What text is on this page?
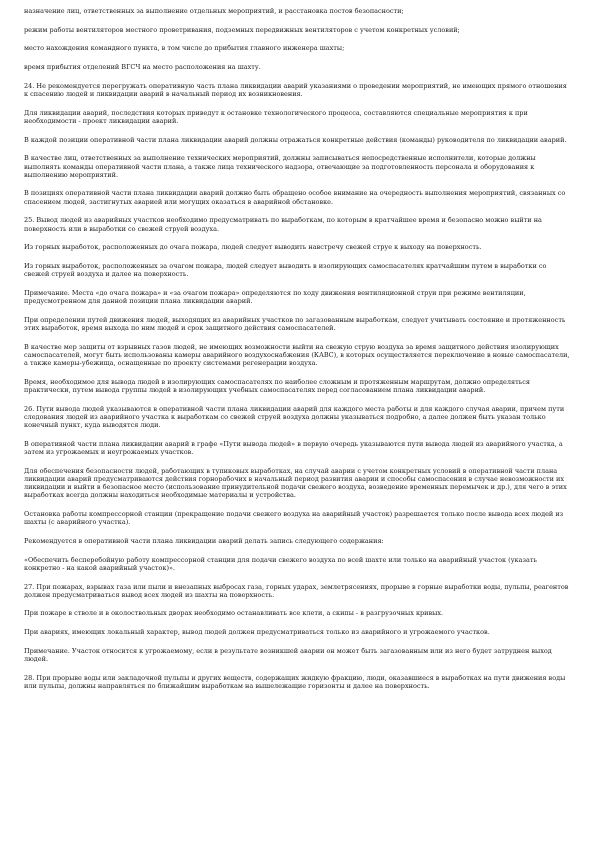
назначение лиц, ответственных за выполнение отдельных мероприятий, и расстановка постов безопасности;

режим работы вентиляторов местного проветривания, подземных передвижных вентиляторов с учетом конкретных условий;

место нахождения командного пункта, в том числе до прибытия главного инженера шахты;

время прибытия отделений ВГСЧ на место расположения на шахту.

24. Не рекомендуется перегружать оперативную часть плана ликвидации аварий указаниями о проведении мероприятий, не имеющих прямого отношения к спасению людей и ликвидации аварий в начальный период их возникновения.

Для ликвидации аварий, последствия которых приведут к остановке технологического процесса, составляются специальные мероприятия к при необходимости - проект ликвидации аварий.

В каждой позиции оперативной части плана ликвидации аварий должны отражаться конкретные действия (команды) руководителя по ликвидации аварий.

В качестве лиц, ответственных за выполнение технических мероприятий, должны записываться непосредственные исполнители, которые должны выполнять команды оперативной части плана, а также лица технического надзора, отвечающие за подготовленность персонала и оборудования к выполнению мероприятий.

В позициях оперативной части плана ликвидации аварий должно быть обращено особое внимание на очередность выполнения мероприятий, связанных со спасением людей, застигнутых аварией или могущих оказаться в аварийной обстановке.

25. Вывод людей из аварийных участков необходимо предусматривать по выработкам, по которым в кратчайшее время и безопасно можно выйти на поверхность или в выработки со свежей струей воздуха.

Из горных выработок, расположенных до очага пожара, людей следует выводить навстречу свежей струе к выходу на поверхность.

Из горных выработок, расположенных за очагом пожара, людей следует выводить в изолирующих самоспасателях кратчайшим путем в выработки со свежей струей воздуха и далее на поверхность.

Примечание. Места «до очага пожара» и «за очагом пожара» определяются по ходу движения вентиляционной струи при режиме вентиляции, предусмотренном для данной позиции плана ликвидации аварий.

При определении путей движения людей, выходящих из аварийных участков по загазованным выработкам, следует учитывать состояние и протяженность этих выработок, время выхода по ним людей и срок защитного действия самоспасателей.

В качестве мер защиты от взрывных газов людей, не имеющих возможности выйти на свежую струю воздуха за время защитного действия изолирующих самоспасателей, могут быть использованы камеры аварийного воздухоснабжения (КАВС), в которых осуществляется переключение в новые самоспасатели, а также камеры-убежища, оснащенные по проекту системами регенерации воздуха.

Время, необходимое для вывода людей в изолирующих самоспасателях по наиболее сложным и протяженным маршрутам, должно определяться практически, путем вывода группы людей в изолирующих учебных самоспасателях перед согласованием плана ликвидации аварий.

26. Пути вывода людей указываются в оперативной части плана ликвидации аварий для каждого места работы и для каждого случая аварии, причем пути следования людей из аварийного участка к выработкам со свежей струей воздуха должны указываться подробно, а далее должен быть указан только конечный пункт, куда выводятся люди.

В оперативной части плана ликвидации аварий в графе «Пути вывода людей» в первую очередь указываются пути вывода людей из аварийного участка, а затем из угрожаемых и неугрожаемых участков.

Для обеспечения безопасности людей, работающих в тупиковых выработках, на случай аварии с учетом конкретных условий в оперативной части плана ликвидации аварий предусматриваются действия горнорабочих в начальный период развития аварии и способы самоспасения в случае невозможности их ликвидации и выйти в безопасное место (использование принудительной подачи свежего воздуха, возведение временных перемычек и др.), для чего в этих выработках всегда должны находиться необходимые материалы и устройства.

Остановка работы компрессорной станции (прекращение подачи свежего воздуха на аварийный участок) разрешается только после вывода всех людей из шахты (с аварийного участка).

Рекомендуется в оперативной части плана ликвидации аварий делать запись следующего содержания:

«Обеспечить бесперебойную работу компрессорной станции для подачи свежего воздуха по всей шахте или только на аварийный участок (указать конкретно - на какой аварийный участок)».

27. При пожарах, взрывах газа или пыли и внезапных выбросах газа, горных ударах, землетрясениях, прорыве в горные выработки воды, пульпы, реагентов должен предусматриваться вывод всех людей из шахты на поверхность.

При пожаре в стволе и в околоствольных дворах необходимо останавливать все клети, а скипы - в разгрузочных кривых.

При авариях, имеющих локальный характер, вывод людей должен предусматриваться только из аварийного и угрожаемого участков.

Примечание. Участок относится к угрожаемому, если в результате возникшей аварии он может быть загазованным или из него будет затруднен выход людей.

28. При прорыве воды или закладочной пульпы и других веществ, содержащих жидкую фракцию, люди, оказавшиеся в выработках на пути движения воды или пульпы, должны направляться по ближайшим выработкам на вышележащие горизонты и далее на поверхность.
